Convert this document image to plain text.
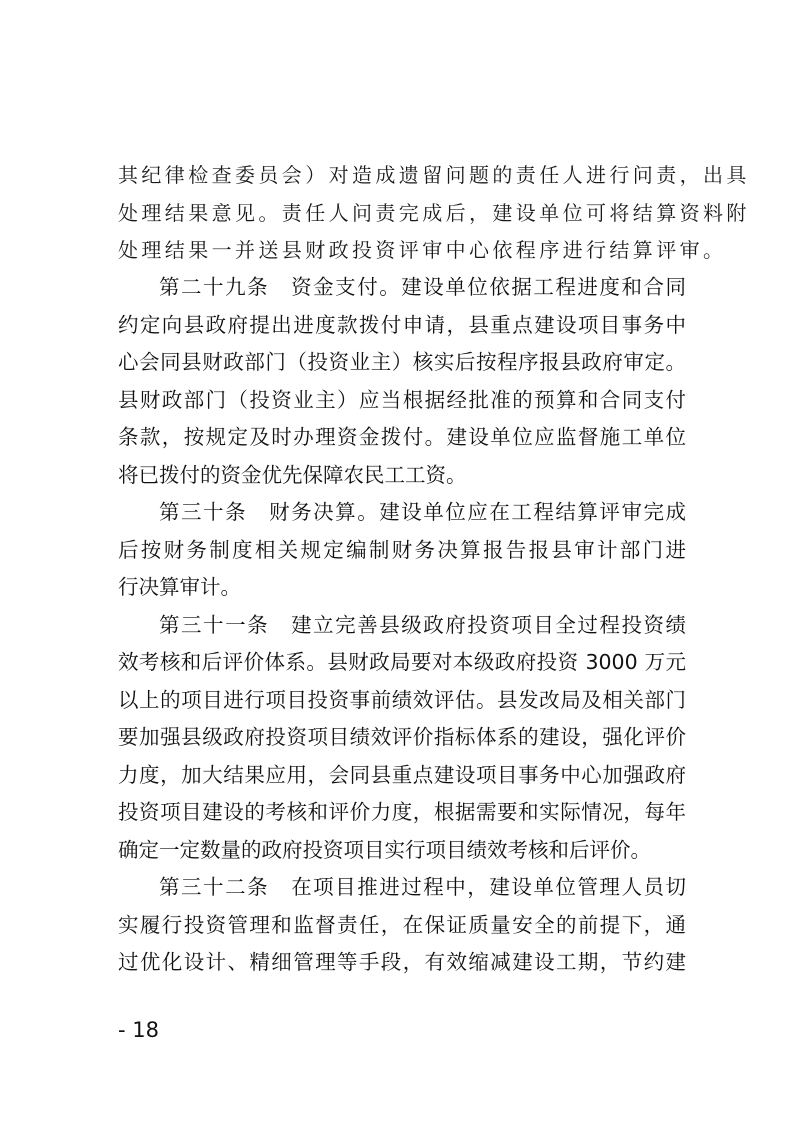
其纪律检查委员会）对造成遗留问题的责任人进行问责，出具

处理结果意见。责任人问责完成后，建设单位可将结算资料附

处理结果一并送县财政投资评审中心依程序进行结算评审。

第二十九条　资金支付。建设单位依据工程进度和合同

约定向县政府提出进度款拨付申请，县重点建设项目事务中

心会同县财政部门（投资业主）核实后按程序报县政府审定。

县财政部门（投资业主）应当根据经批准的预算和合同支付

条款，按规定及时办理资金拨付。建设单位应监督施工单位

将已拨付的资金优先保障农民工工资。

第三十条　财务决算。建设单位应在工程结算评审完成

后按财务制度相关规定编制财务决算报告报县审计部门进

行决算审计。

第三十一条　建立完善县级政府投资项目全过程投资绩

效考核和后评价体系。县财政局要对本级政府投资 3000 万元

以上的项目进行项目投资事前绩效评估。县发改局及相关部门

要加强县级政府投资项目绩效评价指标体系的建设，强化评价

力度，加大结果应用，会同县重点建设项目事务中心加强政府

投资项目建设的考核和评价力度，根据需要和实际情况，每年

确定一定数量的政府投资项目实行项目绩效考核和后评价。

第三十二条　在项目推进过程中，建设单位管理人员切

实履行投资管理和监督责任，在保证质量安全的前提下，通

过优化设计、精细管理等手段，有效缩减建设工期，节约建

- 18
